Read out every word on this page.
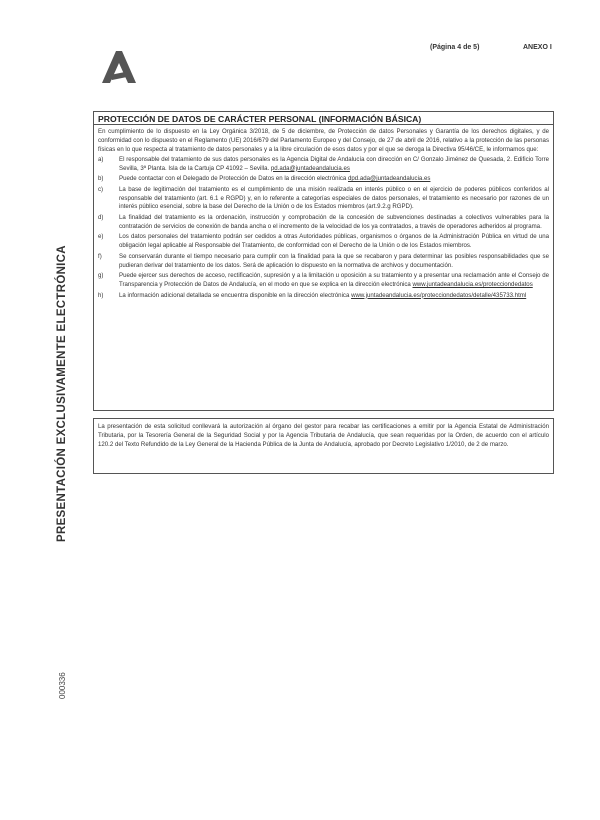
(Página 4 de 5)	ANEXO I
PRESENTACIÓN EXCLUSIVAMENTE ELECTRÓNICA
000336
PROTECCIÓN DE DATOS DE CARÁCTER PERSONAL (INFORMACIÓN BÁSICA)
En cumplimiento de lo dispuesto en la Ley Orgánica 3/2018, de 5 de diciembre, de Protección de datos Personales y Garantía de los derechos digitales, y de conformidad con lo dispuesto en el Reglamento (UE) 2016/679 del Parlamento Europeo y del Consejo, de 27 de abril de 2016, relativo a la protección de las personas físicas en lo que respecta al tratamiento de datos personales y a la libre circulación de esos datos y por el que se deroga la Directiva 95/46/CE, le informamos que:
a)	El responsable del tratamiento de sus datos personales es la Agencia Digital de Andalucía con dirección en C/ Gonzalo Jiménez de Quesada, 2. Edificio Torre Sevilla, 3ª Planta. Isla de la Cartuja CP 41092 – Sevilla. pd.ada@juntadeandalucia.es
b)	Puede contactar con el Delegado de Protección de Datos en la dirección electrónica dpd.ada@juntadeandalucia.es
c)	La base de legitimación del tratamiento es el cumplimiento de una misión realizada en interés público o en el ejercicio de poderes públicos conferidos al responsable del tratamiento (art. 6.1 e RGPD) y, en lo referente a categorías especiales de datos personales, el tratamiento es necesario por razones de un interés público esencial, sobre la base del Derecho de la Unión o de los Estados miembros (art.9.2.g RGPD).
d)	La finalidad del tratamiento es la ordenación, instrucción y comprobación de la concesión de subvenciones destinadas a colectivos vulnerables para la contratación de servicios de conexión de banda ancha o el incremento de la velocidad de los ya contratados, a través de operadores adheridos al programa.
e)	Los datos personales del tratamiento podrán ser cedidos a otras Autoridades públicas, organismos o órganos de la Administración Pública en virtud de una obligación legal aplicable al Responsable del Tratamiento, de conformidad con el Derecho de la Unión o de los Estados miembros.
f)	Se conservarán durante el tiempo necesario para cumplir con la finalidad para la que se recabaron y para determinar las posibles responsabilidades que se pudieran derivar del tratamiento de los datos. Será de aplicación lo dispuesto en la normativa de archivos y documentación.
g)	Puede ejercer sus derechos de acceso, rectificación, supresión y a la limitación u oposición a su tratamiento y a presentar una reclamación ante el Consejo de Transparencia y Protección de Datos de Andalucía, en el modo en que se explica en la dirección electrónica www.juntadeandalucia.es/protecciondedatos
h)	La información adicional detallada se encuentra disponible en la dirección electrónica www.juntadeandalucia.es/protecciondedatos/detalle/435733.html
La presentación de esta solicitud conllevará la autorización al órgano del gestor para recabar las certificaciones a emitir por la Agencia Estatal de Administración Tributaria, por la Tesorería General de la Seguridad Social y por la Agencia Tributaria de Andalucía, que sean requeridas por la Orden, de acuerdo con el artículo 120.2 del Texto Refundido de la Ley General de la Hacienda Pública de la Junta de Andalucía, aprobado por Decreto Legislativo 1/2010, de 2 de marzo.
